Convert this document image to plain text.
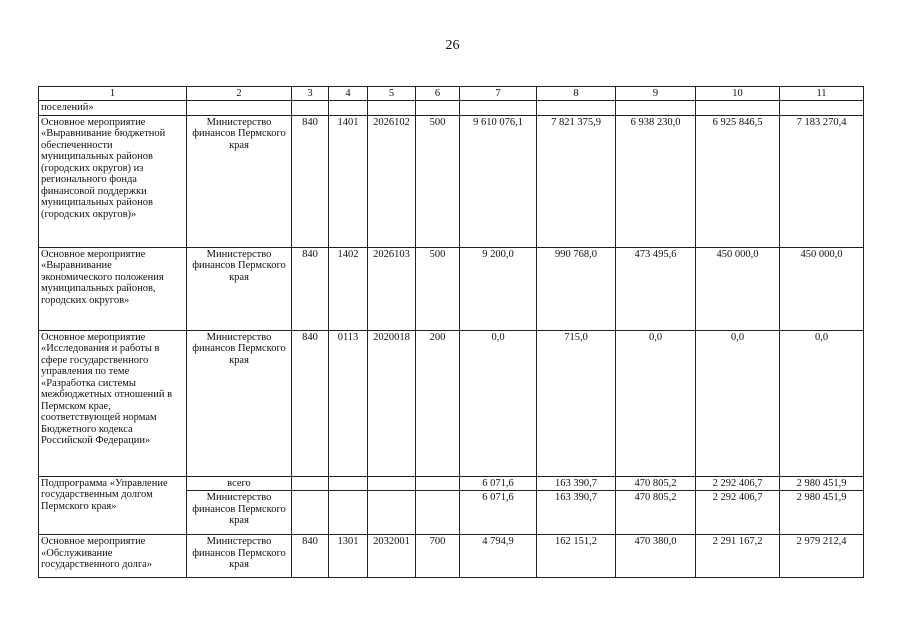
26
1	2	3	4	5	6	7	8	9	10	11
поселений»										
Основное мероприятие «Выравнивание бюджетной обеспеченности муниципальных районов (городских округов) из регионального фонда финансовой поддержки муниципальных районов (городских округов)»	Министерство финансов Пермского края	840	1401	2026102	500	9 610 076,1	7 821 375,9	6 938 230,0	6 925 846,5	7 183 270,4
Основное мероприятие «Выравнивание экономического положения муниципальных районов, городских округов»	Министерство финансов Пермского края	840	1402	2026103	500	9 200,0	990 768,0	473 495,6	450 000,0	450 000,0
Основное мероприятие «Исследования и работы в сфере государственного управления по теме «Разработка системы межбюджетных отношений в Пермском крае, соответствующей нормам Бюджетного кодекса Российской Федерации»	Министерство финансов Пермского края	840	0113	2020018	200	0,0	715,0	0,0	0,0	0,0
Подпрограмма «Управление государственным долгом Пермского края»	всего					6 071,6	163 390,7	470 805,2	2 292 406,7	2 980 451,9
	Министерство финансов Пермского края					6 071,6	163 390,7	470 805,2	2 292 406,7	2 980 451,9
Основное мероприятие «Обслуживание государственного долга»	Министерство финансов Пермского края	840	1301	2032001	700	4 794,9	162 151,2	470 380,0	2 291 167,2	2 979 212,4
